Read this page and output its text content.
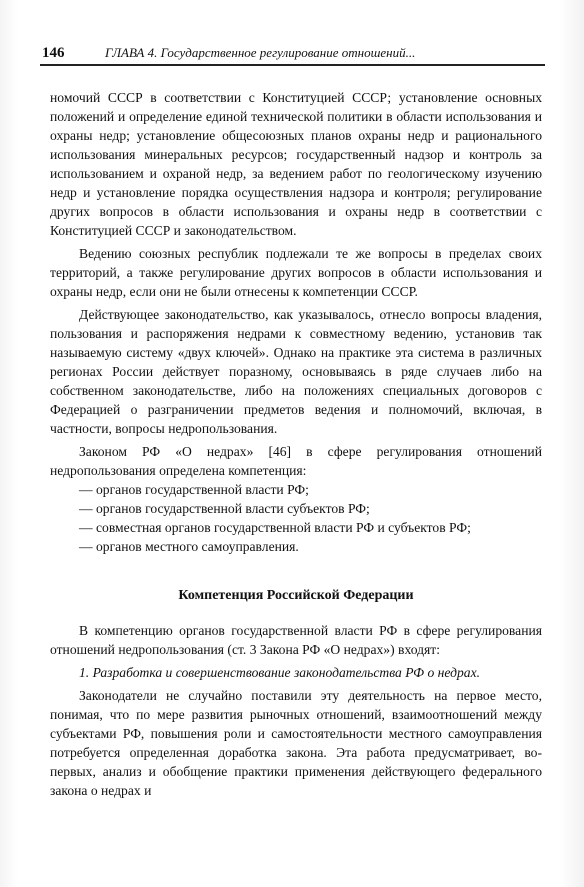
146	ГЛАВА 4. Государственное регулирование отношений...

номочий СССР в соответствии с Конституцией СССР; установление основных положений и определение единой технической политики в области использования и охраны недр; установление общесоюзных планов охраны недр и рационального использования минеральных ресурсов; государственный надзор и контроль за использованием и охраной недр, за ведением работ по геологическому изучению недр и установление порядка осуществления надзора и контроля; регулирование других вопросов в области использования и охраны недр в соответствии с Конституцией СССР и законодательством.

Ведению союзных республик подлежали те же вопросы в пределах своих территорий, а также регулирование других вопросов в области использования и охраны недр, если они не были отнесены к компетенции СССР.

Действующее законодательство, как указывалось, отнесло вопросы владения, пользования и распоряжения недрами к совместному ведению, установив так называемую систему «двух ключей». Однако на практике эта система в различных регионах России действует поразному, основываясь в ряде случаев либо на собственном законодательстве, либо на положениях специальных договоров с Федерацией о разграничении предметов ведения и полномочий, включая, в частности, вопросы недропользования.

Законом РФ «О недрах» [46] в сфере регулирования отношений недропользования определена компетенция:

— органов государственной власти РФ;

— органов государственной власти субъектов РФ;

— совместная органов государственной власти РФ и субъектов РФ;

— органов местного самоуправления.

Компетенция Российской Федерации

В компетенцию органов государственной власти РФ в сфере регулирования отношений недропользования (ст. 3 Закона РФ «О недрах») входят:

1. Разработка и совершенствование законодательства РФ о недрах.

Законодатели не случайно поставили эту деятельность на первое место, понимая, что по мере развития рыночных отношений, взаимоотношений между субъектами РФ, повышения роли и самостоятельности местного самоуправления потребуется определенная доработка закона. Эта работа предусматривает, во-первых, анализ и обобщение практики применения действующего федерального закона о недрах и
